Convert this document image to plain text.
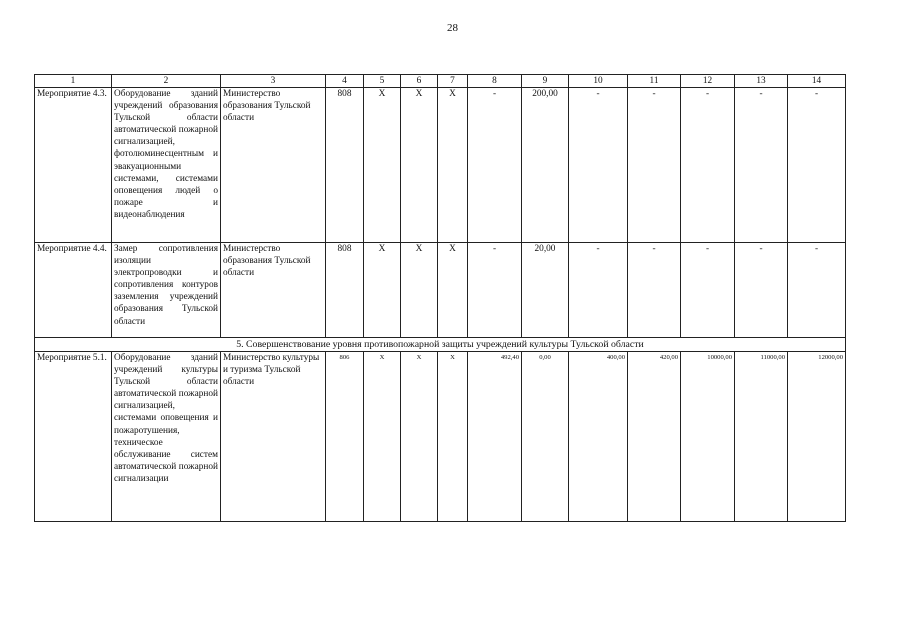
28
1	2	3	4	5	6	7	8	9	10	11	12	13	14
Мероприятие 4.3.	Оборудование зданий учреждений образования Тульской области автоматической пожарной сигнализацией, фотолюминесцентным и эвакуационными системами, системами оповещения людей о пожаре и видеонаблюдения	Министерство образования Тульской области	808	Х	Х	Х	-	200,00	-	-	-	-	-
Мероприятие 4.4.	Замер сопротивления изоляции электропроводки и сопротивления контуров заземления учреждений образования Тульской области	Министерство образования Тульской области	808	Х	Х	Х	-	20,00	-	-	-	-	-
5. Совершенствование уровня противопожарной защиты учреждений культуры Тульской области													
Мероприятие 5.1.	Оборудование зданий учреждений культуры Тульской области автоматической пожарной сигнализацией, системами оповещения и пожаротушения, техническое обслуживание систем автоматической пожарной сигнализации	Министерство культуры и туризма Тульской области	806	Х	Х	Х	492,40	0,00	400,00	420,00	10000,00	11000,00	12000,00
